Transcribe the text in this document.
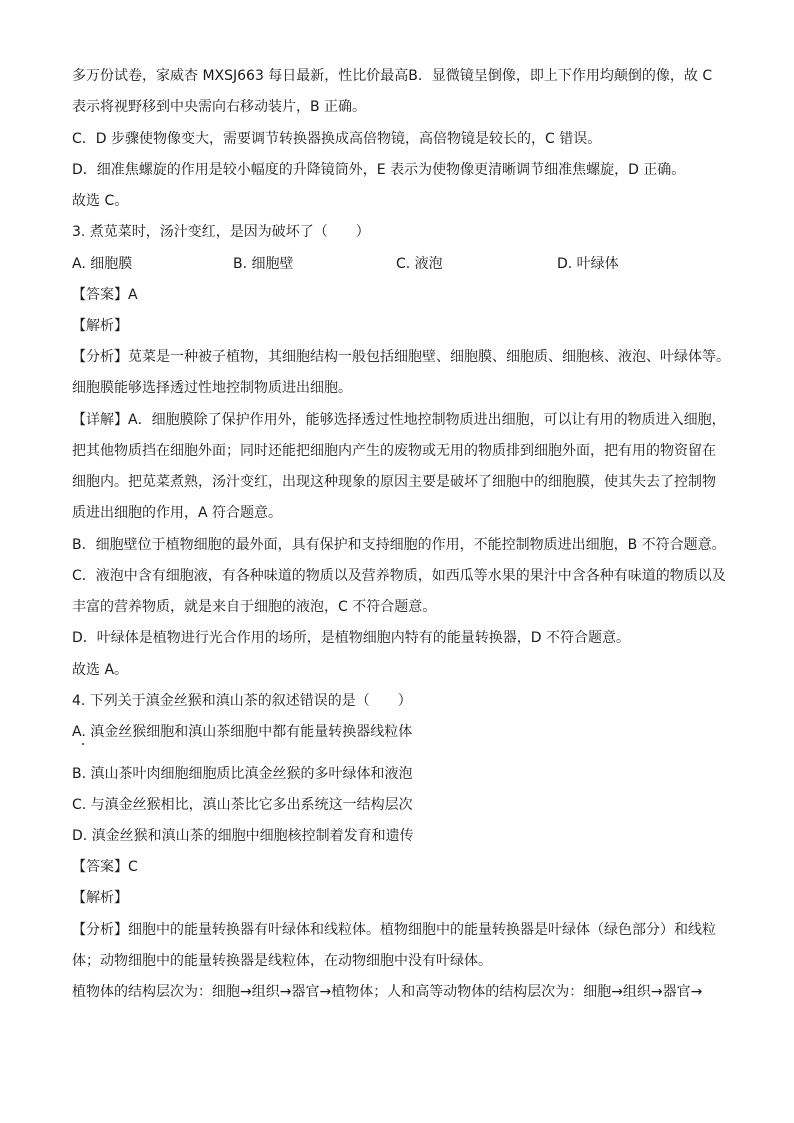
多万份试卷，家威杏 MXSJ663 每日最新，性比价最高B．显微镜呈倒像，即上下作用均颠倒的像，故 C
表示将视野移到中央需向右移动装片，B 正确。
C．D 步骤使物像变大，需要调节转换器换成高倍物镜，高倍物镜是较长的，C 错误。
D．细准焦螺旋的作用是较小幅度的升降镜筒外，E 表示为使物像更清晰调节细准焦螺旋，D 正确。
故选 C。
3. 煮苋菜时，汤汁变红，是因为破坏了（　　）
A. 细胞膜	B. 细胞壁	C. 液泡	D. 叶绿体
【答案】A
【解析】
【分析】苋菜是一种被子植物，其细胞结构一般包括细胞壁、细胞膜、细胞质、细胞核、液泡、叶绿体等。
细胞膜能够选择透过性地控制物质进出细胞。
【详解】A．细胞膜除了保护作用外，能够选择透过性地控制物质进出细胞，可以让有用的物质进入细胞，
把其他物质挡在细胞外面；同时还能把细胞内产生的废物或无用的物质排到细胞外面，把有用的物资留在
细胞内。把苋菜煮熟，汤汁变红，出现这种现象的原因主要是破坏了细胞中的细胞膜，使其失去了控制物
质进出细胞的作用，A 符合题意。
B．细胞壁位于植物细胞的最外面，具有保护和支持细胞的作用，不能控制物质进出细胞，B 不符合题意。
C．液泡中含有细胞液，有各种味道的物质以及营养物质，如西瓜等水果的果汁中含各种有味道的物质以及
丰富的营养物质，就是来自于细胞的液泡，C 不符合题意。
D．叶绿体是植物进行光合作用的场所，是植物细胞内特有的能量转换器，D 不符合题意。
故选 A。
4. 下列关于滇金丝猴和滇山茶的叙述错误的是（　　）
A. 滇金丝猴细胞和滇山茶细胞中都有能量转换器线粒体
B. 滇山茶叶肉细胞细胞质比滇金丝猴的多叶绿体和液泡
C. 与滇金丝猴相比，滇山茶比它多出系统这一结构层次
D. 滇金丝猴和滇山茶的细胞中细胞核控制着发育和遗传
【答案】C
【解析】
【分析】细胞中的能量转换器有叶绿体和线粒体。植物细胞中的能量转换器是叶绿体（绿色部分）和线粒
体；动物细胞中的能量转换器是线粒体，在动物细胞中没有叶绿体。
植物体的结构层次为：细胞→组织→器官→植物体；人和高等动物体的结构层次为：细胞→组织→器官→
